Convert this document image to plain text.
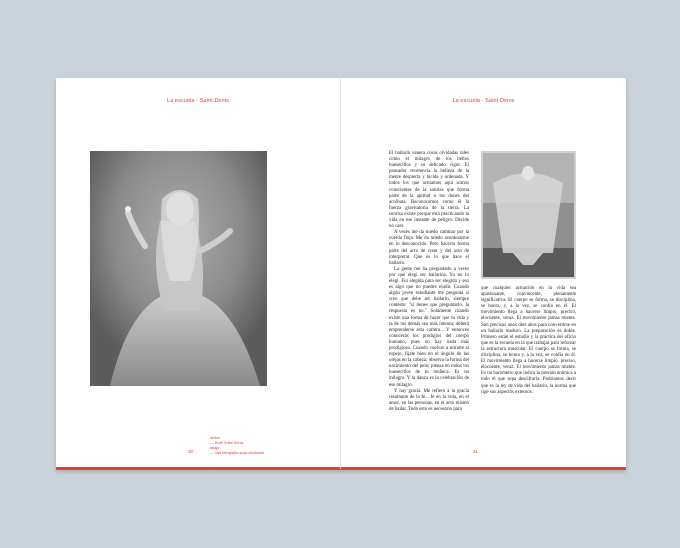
La escuela · Saint Denis
arriba
— Ruth Saint Denis
abajo
— una fotografía suya dedicada
30
La escuela · Saint Denis

El bailarín venera cosas olvidadas tales como el milagro de los bellos huesecillos y su delicado vigor. El pensador reverencia la belleza de la mente despierta y lúcida y ordenada. Y todos los que actuamos aquí somos conscientes de la sonrisa que forma parte de la aptitud o los dones del acróbata. Reconocemos como él la fuerza gravitatoria de la tierra. La sonrisa existe porque está practicando la vida en ese instante de peligro. Decide no caer.

A veces me da miedo caminar por la cuerda floja. Me da miedo aventurarme en lo desconocido. Pero hacerlo forma parte del acto de crear y del acto de interpretar. Que es lo que hace el bailarín.

La gente me ha preguntado a veces por qué elegí ser bailarina. Yo no lo elegí. Fui elegida para ser elegida y eso es algo que no puedes eludir. Cuando algún joven estudiante me pregunta si creo que debe ser bailarín, siempre contesto: "si tienes que preguntarlo, la respuesta es no." Solamente cuando existe una forma de hacer que tu vida y la de los demás sea más intensa, deberá emprenderse esta carrera... Y entonces conocerás los prodigios del cuerpo humano, pues no hay nada más prodigioso. Cuando vuelvas a mirarte al espejo, fíjate bien en el ángulo de las orejas en la cabeza; observa la forma del nacimiento del pelo; piensa en todos los huesecillos de tu muñeca. Es un milagro. Y la danza es la celebración de ese milagro.

Y hay gracia. Me refiero a la gracia resultante de la fe... fe en la vida, en el amor, en las personas, en el acto mismo de bailar. Todo esto es necesario para

que cualquier actuación en la vida sea apasionante, convincente, plenamente significativa. El cuerpo se forma, se disciplina, se honra, y, a la vez, se confía en él. El movimiento llega a hacerse limpio, preciso, elocuente, veraz. El movimiento jamás miente. Son precisos unos diez años para convertirse en un bailarín maduro. La preparación es doble. Primero están el estudio y la práctica del oficio que es la escuela en la que trabajas para reforzar la estructura muscular. El cuerpo se forma, se disciplina, se honra y, a la vez, se confía en él. El movimiento llega a hacerse limpio, preciso, elocuente, veraz. El movimiento jamás miente. Es un barómetro que indica la presión anímica a todo el que sepa descifrarla. Podríamos decir que es la ley de vida del bailarín, la norma que rige sus aspectos externos.

31
